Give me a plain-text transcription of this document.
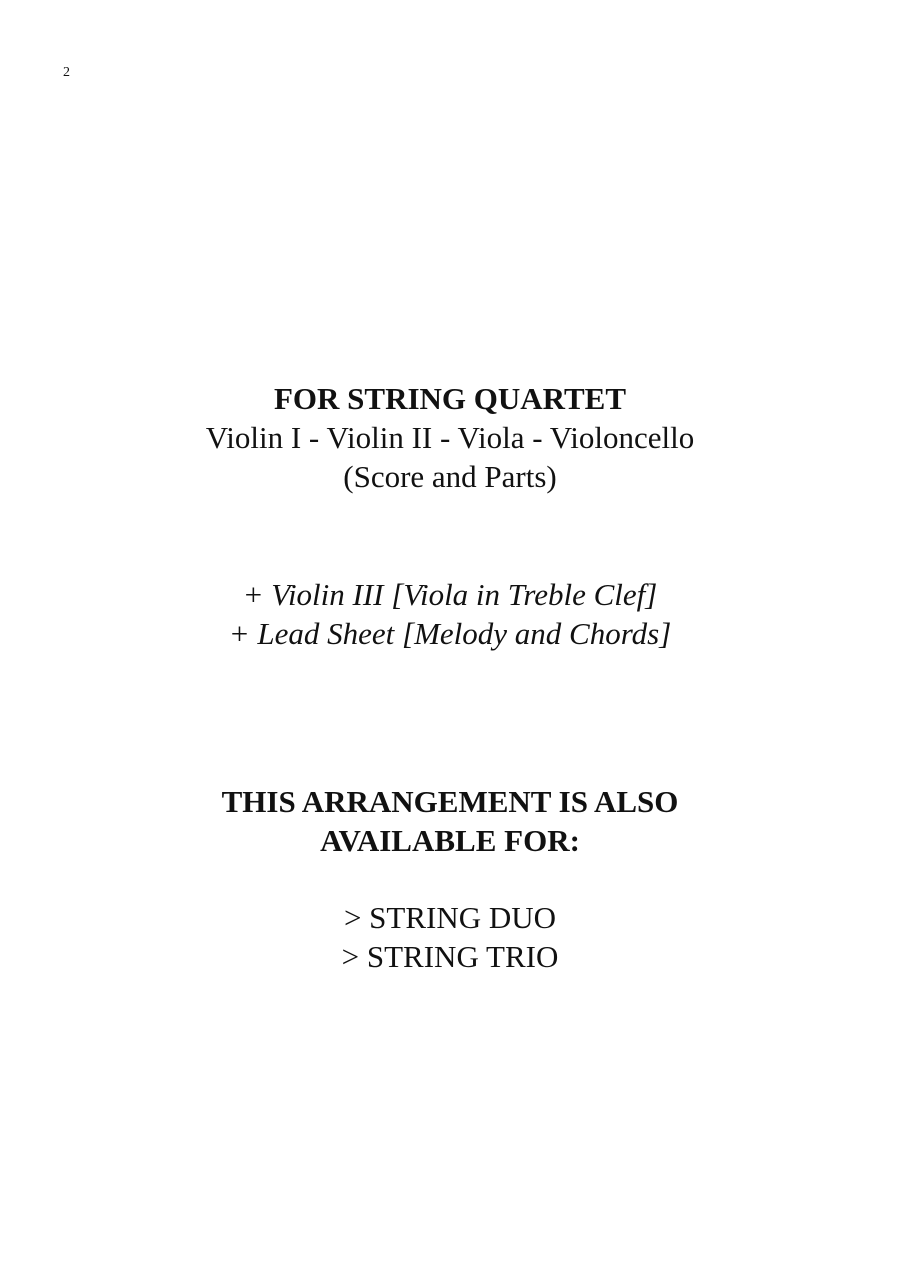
2
FOR STRING QUARTET
Violin I - Violin II - Viola - Violoncello
(Score and Parts)
+ Violin III [Viola in Treble Clef]
+ Lead Sheet [Melody and Chords]
THIS ARRANGEMENT IS ALSO
AVAILABLE FOR:
> STRING DUO
> STRING TRIO
